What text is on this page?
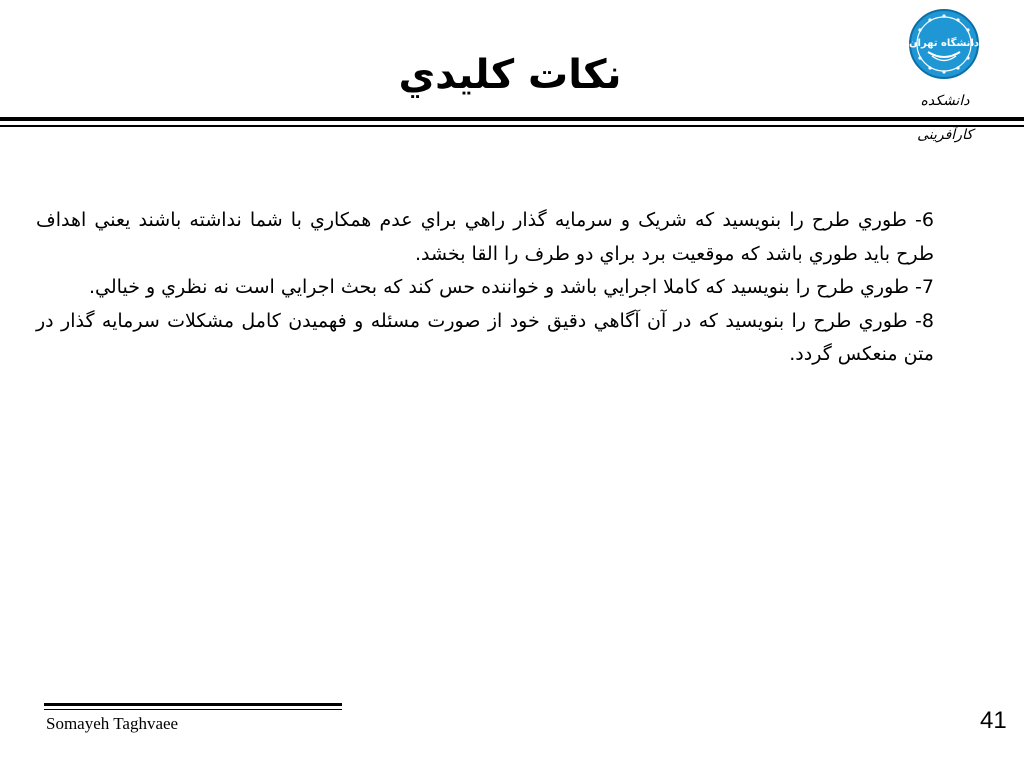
نکات کليدي
دانشگاه تهران
دانشکده کارآفرینی

6- طوري طرح را بنويسيد که شريک و سرمايه گذار راهي براي عدم همکاري با شما نداشته باشند يعني اهداف طرح بايد طوري باشد که موقعيت برد براي دو طرف را القا بخشد.

7- طوري طرح را بنويسيد که کاملا اجرايي باشد و خواننده حس کند که بحث اجرايي است نه نظري و خيالي.

8- طوري طرح را بنويسيد که در آن آگاهي دقيق خود از صورت مسئله و فهميدن کامل مشکلات سرمايه گذار در متن منعکس گردد.

Somayeh Taghvaee	41
